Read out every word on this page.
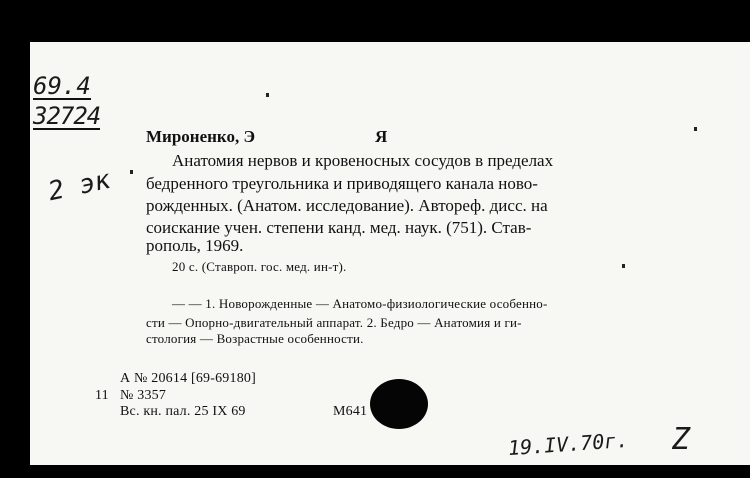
69.4
32724
2 эк
Мироненко, Э	Я
Анатомия нервов и кровеносных сосудов в пределах
бедренного треугольника и приводящего канала ново-
рожденных. (Анатом. исследование). Автореф. дисс. на
соискание учен. степени канд. мед. наук. (751). Став-
рополь, 1969.
20 с. (Ставроп. гос. мед. ин-т).
— — 1. Новорожденные — Анатомо-физиологические особенно-
сти — Опорно-двигательный аппарат. 2. Бедро — Анатомия и ги-
стология — Возрастные особенности.
А № 20614 [69-69180]
11 № 3357
Вс. кн. пал. 25 IX 69	М641
19.IV.70г. Z
